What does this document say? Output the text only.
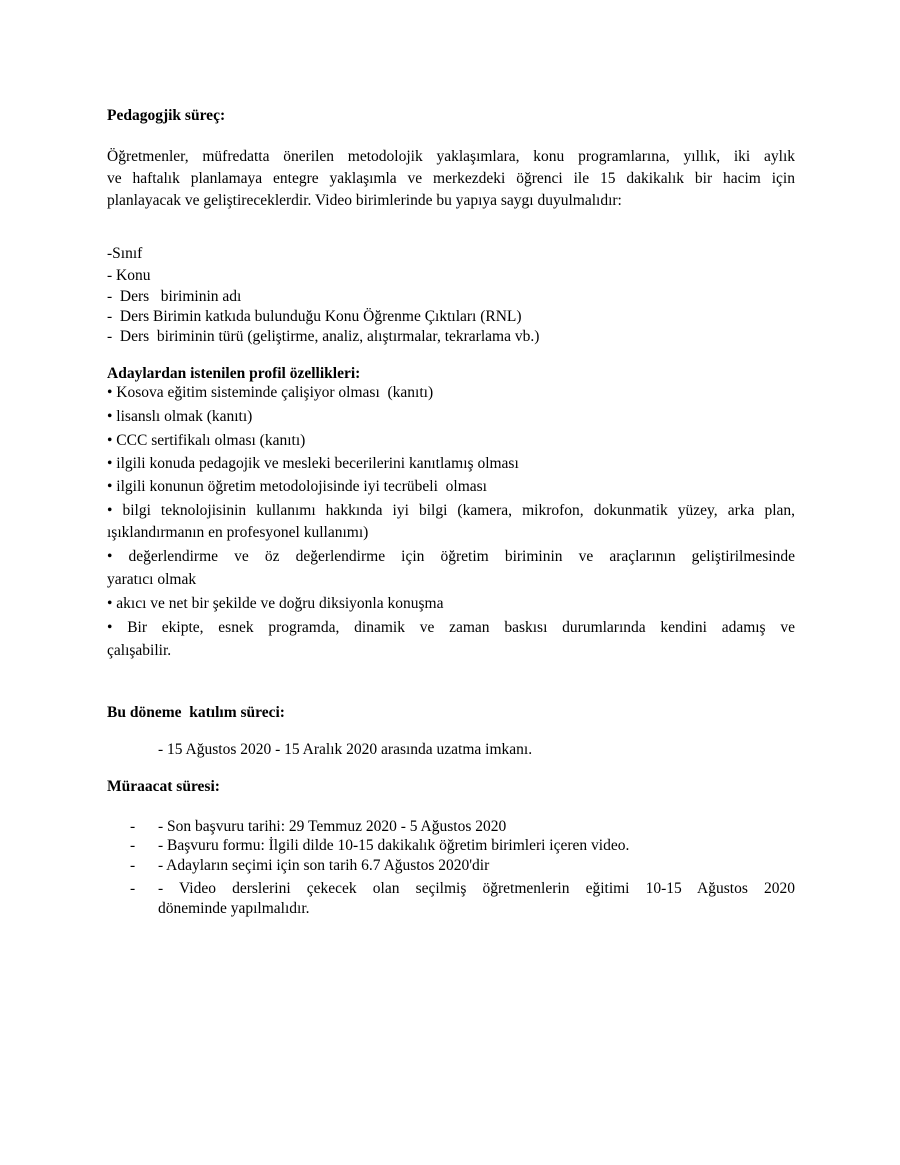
Pedagogjik süreç:
Öğretmenler, müfredatta önerilen metodolojik yaklaşımlara, konu programlarına, yıllık, iki aylık
ve haftalık planlamaya entegre yaklaşımla ve merkezdeki öğrenci ile 15 dakikalık bir hacim için
planlayacak ve geliştireceklerdir. Video birimlerinde bu yapıya saygı duyulmalıdır:
-Sınıf
- Konu
-  Ders   biriminin adı
-  Ders Birimin katkıda bulunduğu Konu Öğrenme Çıktıları (RNL)
-  Ders  biriminin türü (geliştirme, analiz, alıştırmalar, tekrarlama vb.)
Adaylardan istenilen profil özellikleri:
• Kosova eğitim sisteminde çalişiyor olması  (kanıtı)
• lisanslı olmak (kanıtı)
• CCC sertifikalı olması (kanıtı)
• ilgili konuda pedagojik ve mesleki becerilerini kanıtlamış olması
• ilgili konunun öğretim metodolojisinde iyi tecrübeli  olması
• bilgi teknolojisinin kullanımı hakkında iyi bilgi (kamera, mikrofon, dokunmatik yüzey, arka plan,
ışıklandırmanın en profesyonel kullanımı)
• değerlendirme ve öz değerlendirme için öğretim biriminin ve araçlarının geliştirilmesinde
yaratıcı olmak
• akıcı ve net bir şekilde ve doğru diksiyonla konuşma
• Bir ekipte, esnek programda, dinamik ve zaman baskısı durumlarında kendini adamış ve
çalışabilir.
Bu döneme  katılım süreci:
- 15 Ağustos 2020 - 15 Aralık 2020 arasında uzatma imkanı.
Müraacat süresi:
- - Son başvuru tarihi: 29 Temmuz 2020 - 5 Ağustos 2020
- - Başvuru formu: İlgili dilde 10-15 dakikalık öğretim birimleri içeren video.
- - Adayların seçimi için son tarih 6.7 Ağustos 2020'dir
- - Video derslerini çekecek olan seçilmiş öğretmenlerin eğitimi 10-15 Ağustos 2020
döneminde yapılmalıdır.
